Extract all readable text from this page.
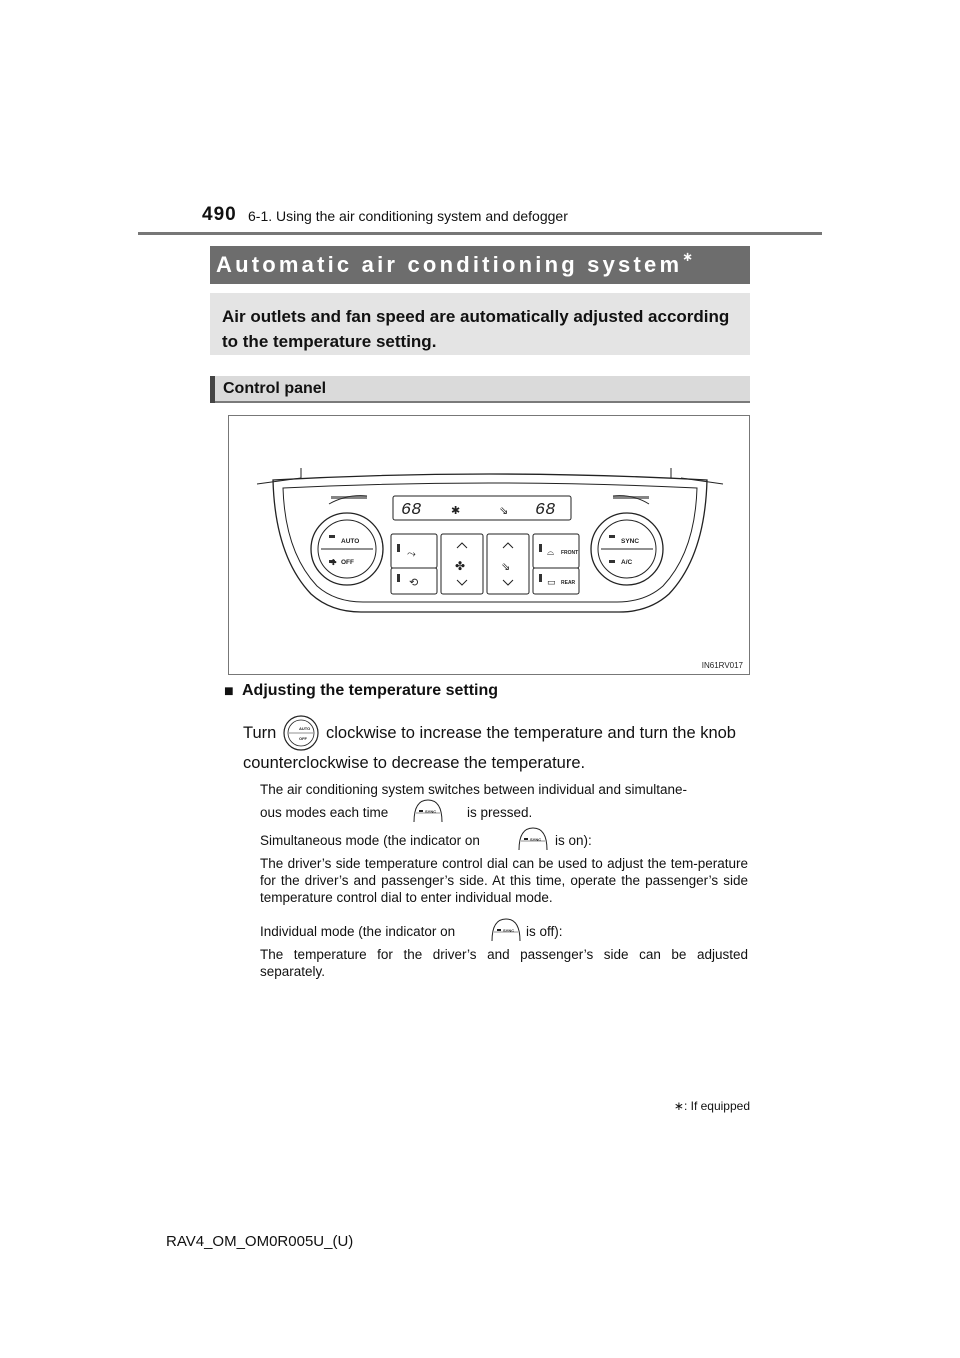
490 6-1. Using the air conditioning system and defogger
Automatic air conditioning system∗
Air outlets and fan speed are automatically adjusted according to the temperature setting.
Control panel
68	68
✱	⇘
AUTO
OFF
✤
SYNC
A/C
FRONT
REAR
⤳
⟲
✤	⇘
⌓
▭
IN61RV017
■ Adjusting the temperature setting
Turn	AUTO
OFF clockwise to increase the temperature and turn the knob
counterclockwise to decrease the temperature.
The air conditioning system switches between individual and simultane-
ous modes each time	SYNC is pressed.
Simultaneous mode (the indicator on	SYNC is on):
The driver’s side temperature control dial can be used to adjust the tem-perature for the driver’s and passenger’s side. At this time, operate the passenger’s side temperature control dial to enter individual mode.
Individual mode (the indicator on	SYNC is off):
The temperature for the driver’s and passenger’s side can be adjusted separately.
∗: If equipped
RAV4_OM_OM0R005U_(U)
